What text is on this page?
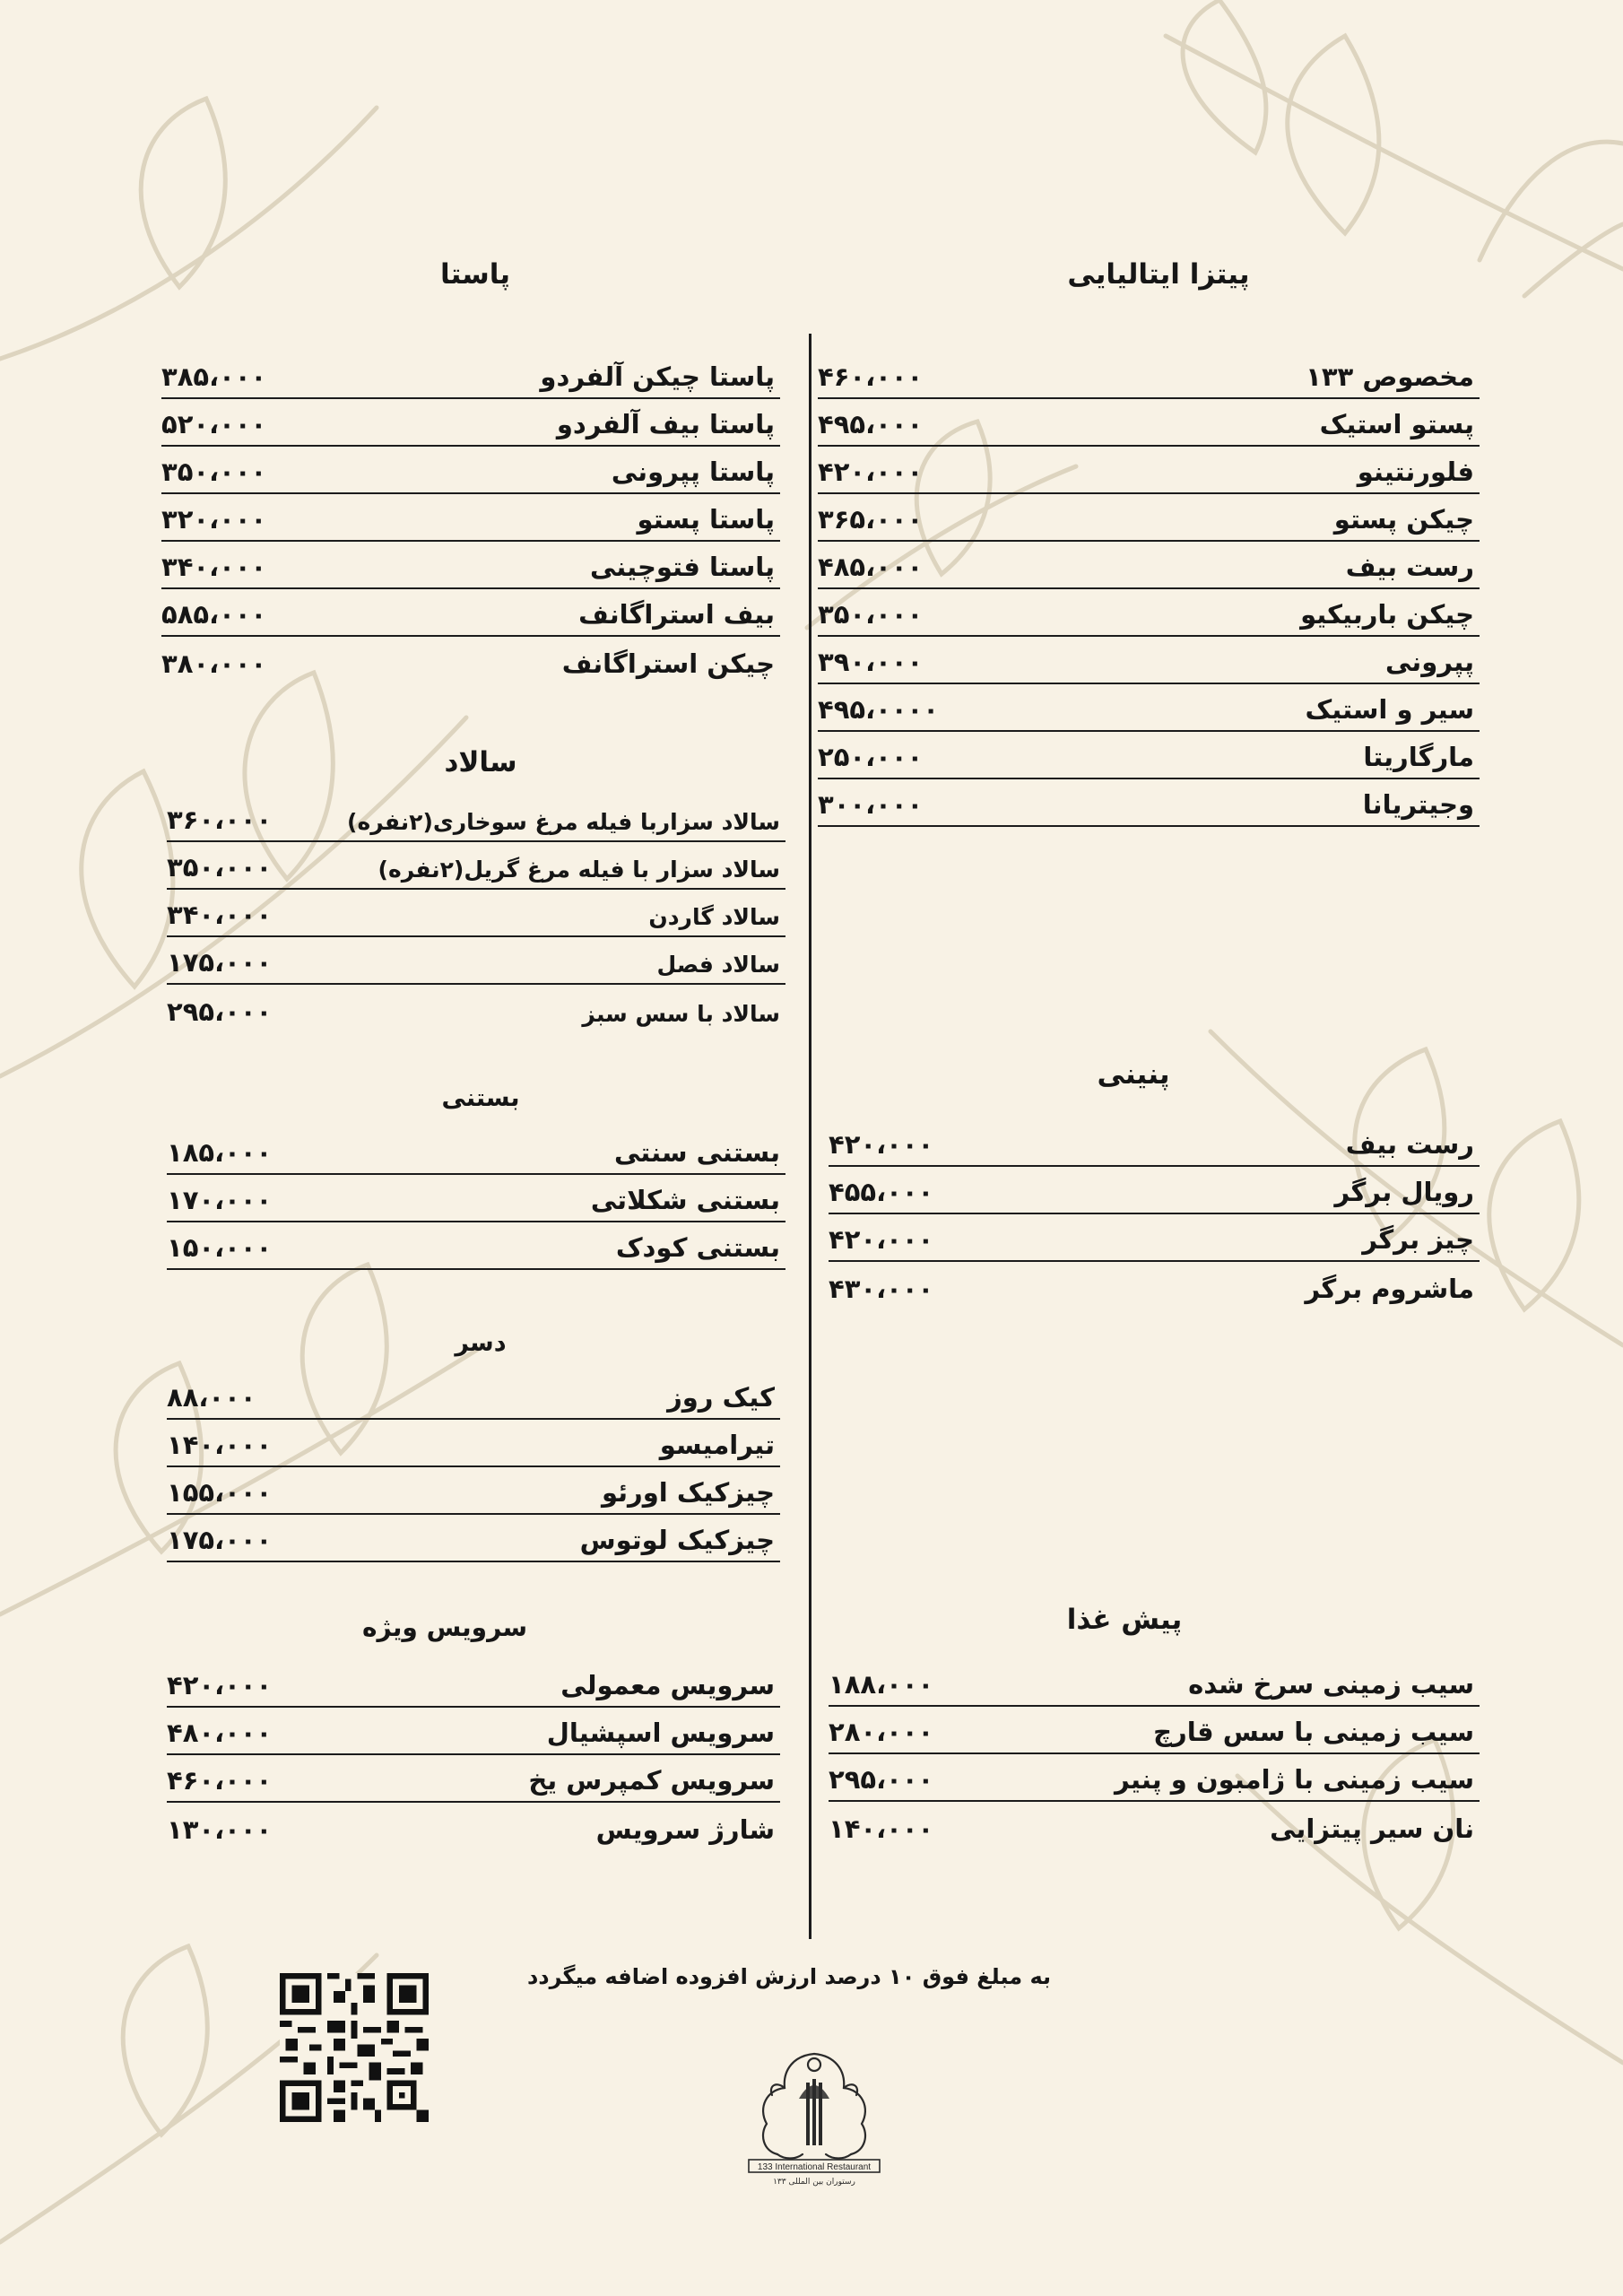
پیتزا ایتالیایی
مخصوص ۱۳۳
۴۶۰،۰۰۰
پستو استیک
۴۹۵،۰۰۰
فلورنتینو
۴۲۰،۰۰۰
چیکن پستو
۳۶۵،۰۰۰
رست بیف
۴۸۵،۰۰۰
چیکن باربیکیو
۳۵۰،۰۰۰
پپرونی
۳۹۰،۰۰۰
سیر و استیک
۴۹۵،۰۰۰۰
مارگاریتا
۲۵۰،۰۰۰
وجیتریانا
۳۰۰،۰۰۰
پاستا
پاستا چیکن آلفردو
۳۸۵،۰۰۰
پاستا بیف آلفردو
۵۲۰،۰۰۰
پاستا پپرونی
۳۵۰،۰۰۰
پاستا پستو
۳۲۰،۰۰۰
پاستا فتوچینی
۳۴۰،۰۰۰
بیف استراگانف
۵۸۵،۰۰۰
چیکن استراگانف
۳۸۰،۰۰۰
سالاد
سالاد سزاربا فیله مرغ سوخاری(۲نفره)
۳۶۰،۰۰۰
سالاد سزار با فیله مرغ گریل(۲نفره)
۳۵۰،۰۰۰
سالاد گاردن
۳۴۰،۰۰۰
سالاد فصل
۱۷۵،۰۰۰
سالاد با سس سبز
۲۹۵،۰۰۰
بستنی
بستنی سنتی
۱۸۵،۰۰۰
بستنی شکلاتی
۱۷۰،۰۰۰
بستنی کودک
۱۵۰،۰۰۰
دسر
کیک روز
۸۸،۰۰۰
تیرامیسو
۱۴۰،۰۰۰
چیزکیک اورئو
۱۵۵،۰۰۰
چیزکیک لوتوس
۱۷۵،۰۰۰
سرویس ویژه
سرویس معمولی
۴۲۰،۰۰۰
سرویس اسپشیال
۴۸۰،۰۰۰
سرویس کمپرس یخ
۴۶۰،۰۰۰
شارژ سرویس
۱۳۰،۰۰۰
پنینی
رست بیف
۴۲۰،۰۰۰
رویال برگر
۴۵۵،۰۰۰
چیز برگر
۴۲۰،۰۰۰
ماشروم برگر
۴۳۰،۰۰۰
پیش غذا
سیب زمینی سرخ شده
۱۸۸،۰۰۰
سیب زمینی با سس قارچ
۲۸۰،۰۰۰
سیب زمینی با ژامبون و پنیر
۲۹۵،۰۰۰
نان سیر پیتزایی
۱۴۰،۰۰۰
به مبلغ فوق ۱۰ درصد ارزش افزوده اضافه میگردد
133 International Restaurant
رستوران بین المللی ۱۳۳
